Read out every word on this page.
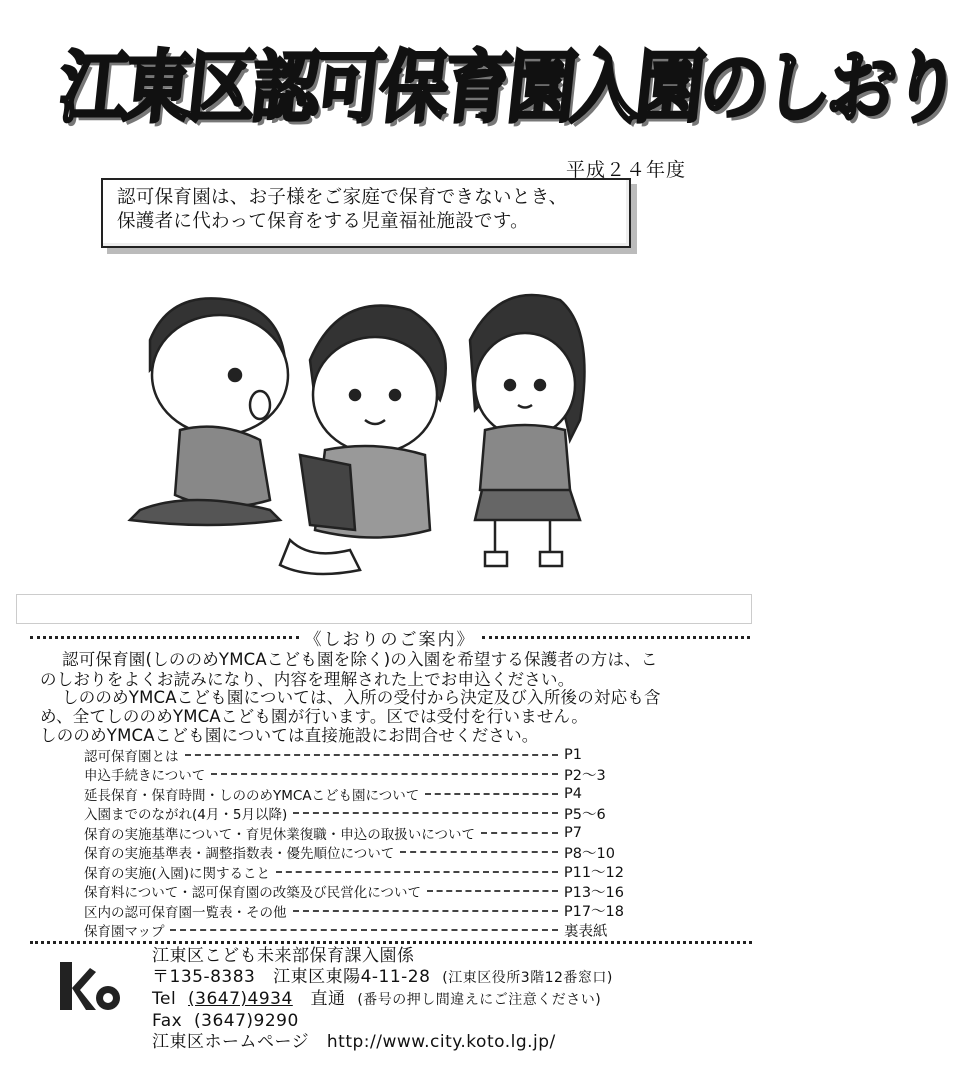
江東区認可保育園入園のしおり
平成２４年度
認可保育園は、お子様をご家庭で保育できないとき、
保護者に代わって保育をする児童福祉施設です。
《しおりのご案内》
認可保育園(しののめYMCAこども園を除く)の入園を希望する保護者の方は、こ
のしおりをよくお読みになり、内容を理解された上でお申込ください。
しののめYMCAこども園については、入所の受付から決定及び入所後の対応も含
め、全てしののめYMCAこども園が行います。区では受付を行いません。
しののめYMCAこども園については直接施設にお問合せください。
認可保育園とは	P1
申込手続きについて	P2〜3
延長保育・保育時間・しののめYMCAこども園について	P4
入園までのながれ(4月・5月以降)	P5〜6
保育の実施基準について・育児休業復職・申込の取扱いについて	P7
保育の実施基準表・調整指数表・優先順位について	P8〜10
保育の実施(入園)に関すること	P11〜12
保育料について・認可保育園の改築及び民営化について	P13〜16
区内の認可保育園一覧表・その他	P17〜18
保育園マップ	裏表紙
江東区こども未来部保育課入園係
〒135-8383 江東区東陽4-11-28 (江東区役所3階12番窓口)
Tel (3647)4934 直通 (番号の押し間違えにご注意ください)
Fax (3647)9290
江東区ホームページ http://www.city.koto.lg.jp/
